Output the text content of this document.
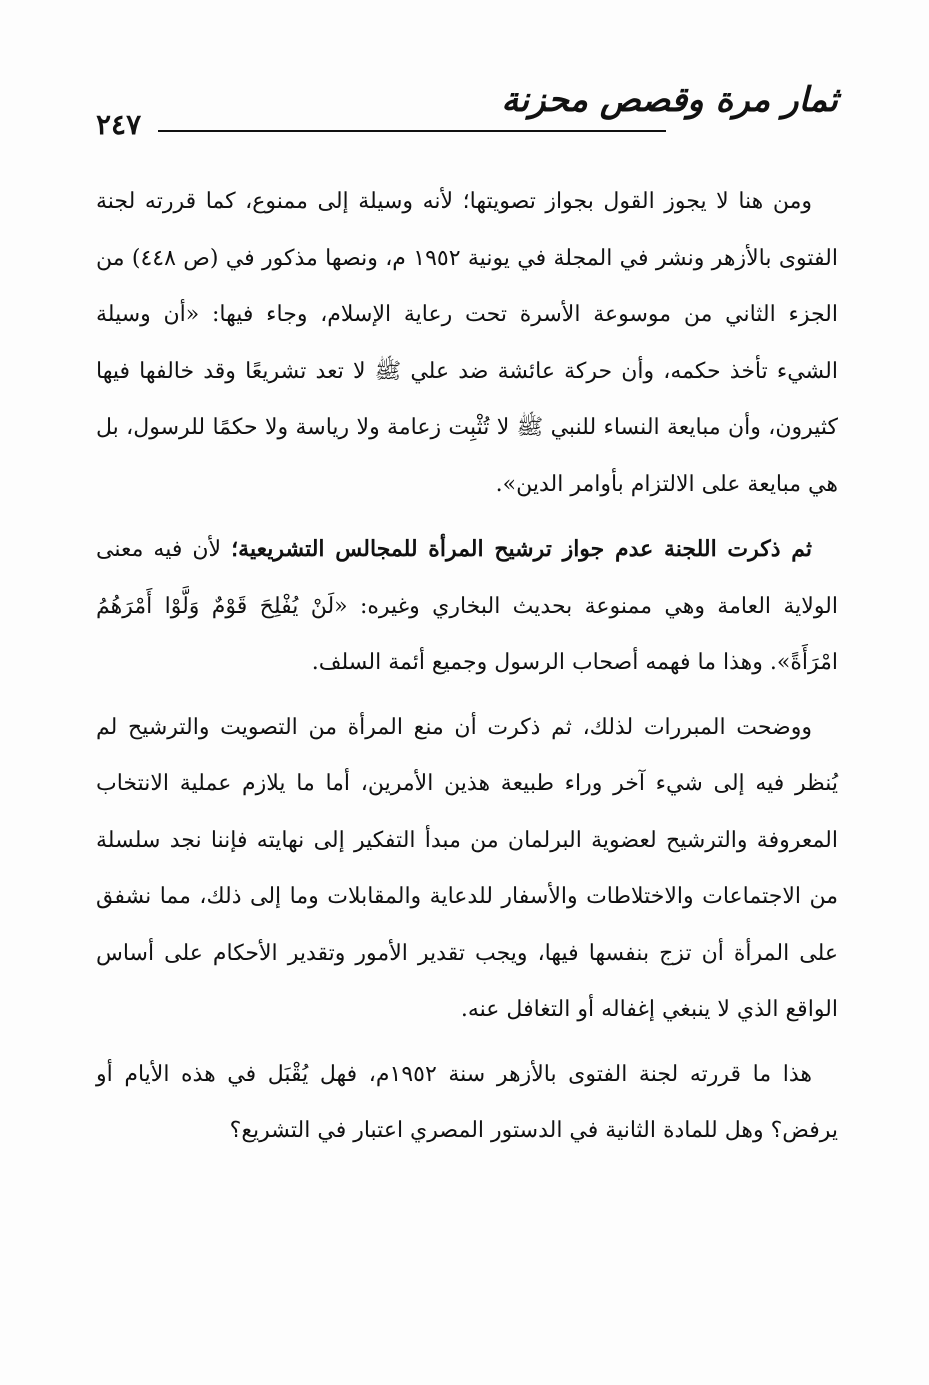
ثمار مرة وقصص محزنة
٢٤٧

ومن هنا لا يجوز القول بجواز تصويتها؛ لأنه وسيلة إلى ممنوع، كما قررته لجنة الفتوى بالأزهر ونشر في المجلة في يونية ١٩٥٢ م، ونصها مذكور في (ص ٤٤٨) من الجزء الثاني من موسوعة الأسرة تحت رعاية الإسلام، وجاء فيها: «أن وسيلة الشيء تأخذ حكمه، وأن حركة عائشة ضد علي ﷺ لا تعد تشريعًا وقد خالفها فيها كثيرون، وأن مبايعة النساء للنبي ﷺ لا تُثْبِت زعامة ولا رياسة ولا حكمًا للرسول، بل هي مبايعة على الالتزام بأوامر الدين».

ثم ذكرت اللجنة عدم جواز ترشيح المرأة للمجالس التشريعية؛ لأن فيه معنى الولاية العامة وهي ممنوعة بحديث البخاري وغيره: «لَنْ يُفْلِحَ قَوْمٌ وَلَّوْا أَمْرَهُمُ امْرَأَةً». وهذا ما فهمه أصحاب الرسول وجميع أئمة السلف.

ووضحت المبررات لذلك، ثم ذكرت أن منع المرأة من التصويت والترشيح لم يُنظر فيه إلى شيء آخر وراء طبيعة هذين الأمرين، أما ما يلازم عملية الانتخاب المعروفة والترشيح لعضوية البرلمان من مبدأ التفكير إلى نهايته فإننا نجد سلسلة من الاجتماعات والاختلاطات والأسفار للدعاية والمقابلات وما إلى ذلك، مما نشفق على المرأة أن تزج بنفسها فيها، ويجب تقدير الأمور وتقدير الأحكام على أساس الواقع الذي لا ينبغي إغفاله أو التغافل عنه.

هذا ما قررته لجنة الفتوى بالأزهر سنة ١٩٥٢م، فهل يُقْبَل في هذه الأيام أو يرفض؟ وهل للمادة الثانية في الدستور المصري اعتبار في التشريع؟
